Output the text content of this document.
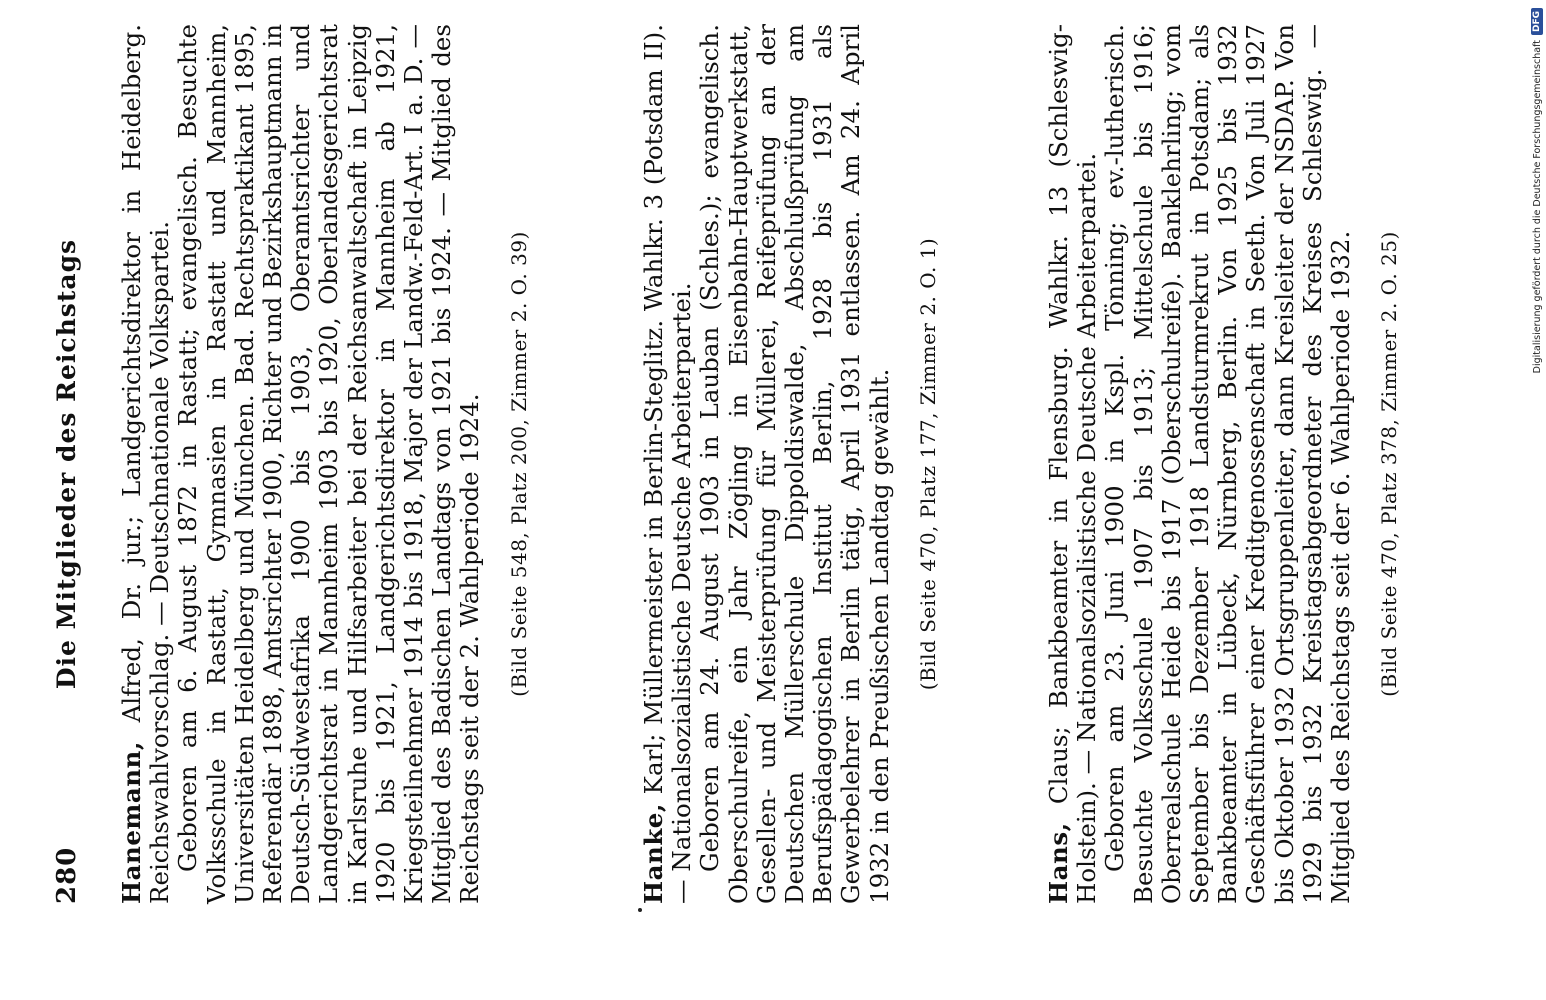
280
Die Mitglieder des Reichstags

Hanemann, Alfred, Dr. jur.; Landgerichtsdirektor in Heidelberg. Reichswahlvorschlag. — Deutschnationale Volkspartei. Geboren am 6. August 1872 in Rastatt; evangelisch. Besuchte Volksschule in Rastatt, Gymnasien in Rastatt und Mannheim, Universitäten Heidelberg und München. Bad. Rechtspraktikant 1895, Referendär 1898, Amtsrichter 1900, Richter und Bezirkshauptmann in Deutsch-Südwestafrika 1900 bis 1903, Oberamtsrichter und Landgerichtsrat in Mannheim 1903 bis 1920, Oberlandesgerichtsrat in Karlsruhe und Hilfsarbeiter bei der Reichsanwaltschaft in Leipzig 1920 bis 1921, Landgerichtsdirektor in Mannheim ab 1921, Kriegsteilnehmer 1914 bis 1918, Major der Landw.-Feld-Art. I a. D. — Mitglied des Badischen Landtags von 1921 bis 1924. — Mitglied des Reichstags seit der 2. Wahlperiode 1924. (Bild Seite 548, Platz 200, Zimmer 2. O. 39)

Hanke, Karl; Müllermeister in Berlin-Steglitz. Wahlkr. 3 (Potsdam II). — Nationalsozialistische Deutsche Arbeiterpartei. Geboren am 24. August 1903 in Lauban (Schles.); evangelisch. Oberschulreife, ein Jahr Zögling in Eisenbahn-Hauptwerkstatt, Gesellen- und Meisterprüfung für Müllerei, Reifeprüfung an der Deutschen Müllerschule Dippoldiswalde, Abschlußprüfung am Berufspädagogischen Institut Berlin, 1928 bis 1931 als Gewerbelehrer in Berlin tätig, April 1931 entlassen. Am 24. April 1932 in den Preußischen Landtag gewählt. (Bild Seite 470, Platz 177, Zimmer 2. O. 1)

Hans, Claus; Bankbeamter in Flensburg. Wahlkr. 13 (Schleswig-Holstein). — Nationalsozialistische Deutsche Arbeiterpartei. Geboren am 23. Juni 1900 in Kspl. Tönning; ev.-lutherisch. Besuchte Volksschule 1907 bis 1913; Mittelschule bis 1916; Oberrealschule Heide bis 1917 (Oberschulreife). Banklehrling; vom September bis Dezember 1918 Landsturmrekrut in Potsdam; als Bankbeamter in Lübeck, Nürnberg, Berlin. Von 1925 bis 1932 Geschäftsführer einer Kreditgenossenschaft in Seeth. Von Juli 1927 bis Oktober 1932 Ortsgruppenleiter, dann Kreisleiter der NSDAP. Von 1929 bis 1932 Kreistagsabgeordneter des Kreises Schleswig. — Mitglied des Reichstags seit der 6. Wahlperiode 1932. (Bild Seite 470, Platz 378, Zimmer 2. O. 25)
Digitalisierung gefördert durch die Deutsche Forschungsgemeinschaft
DFG
